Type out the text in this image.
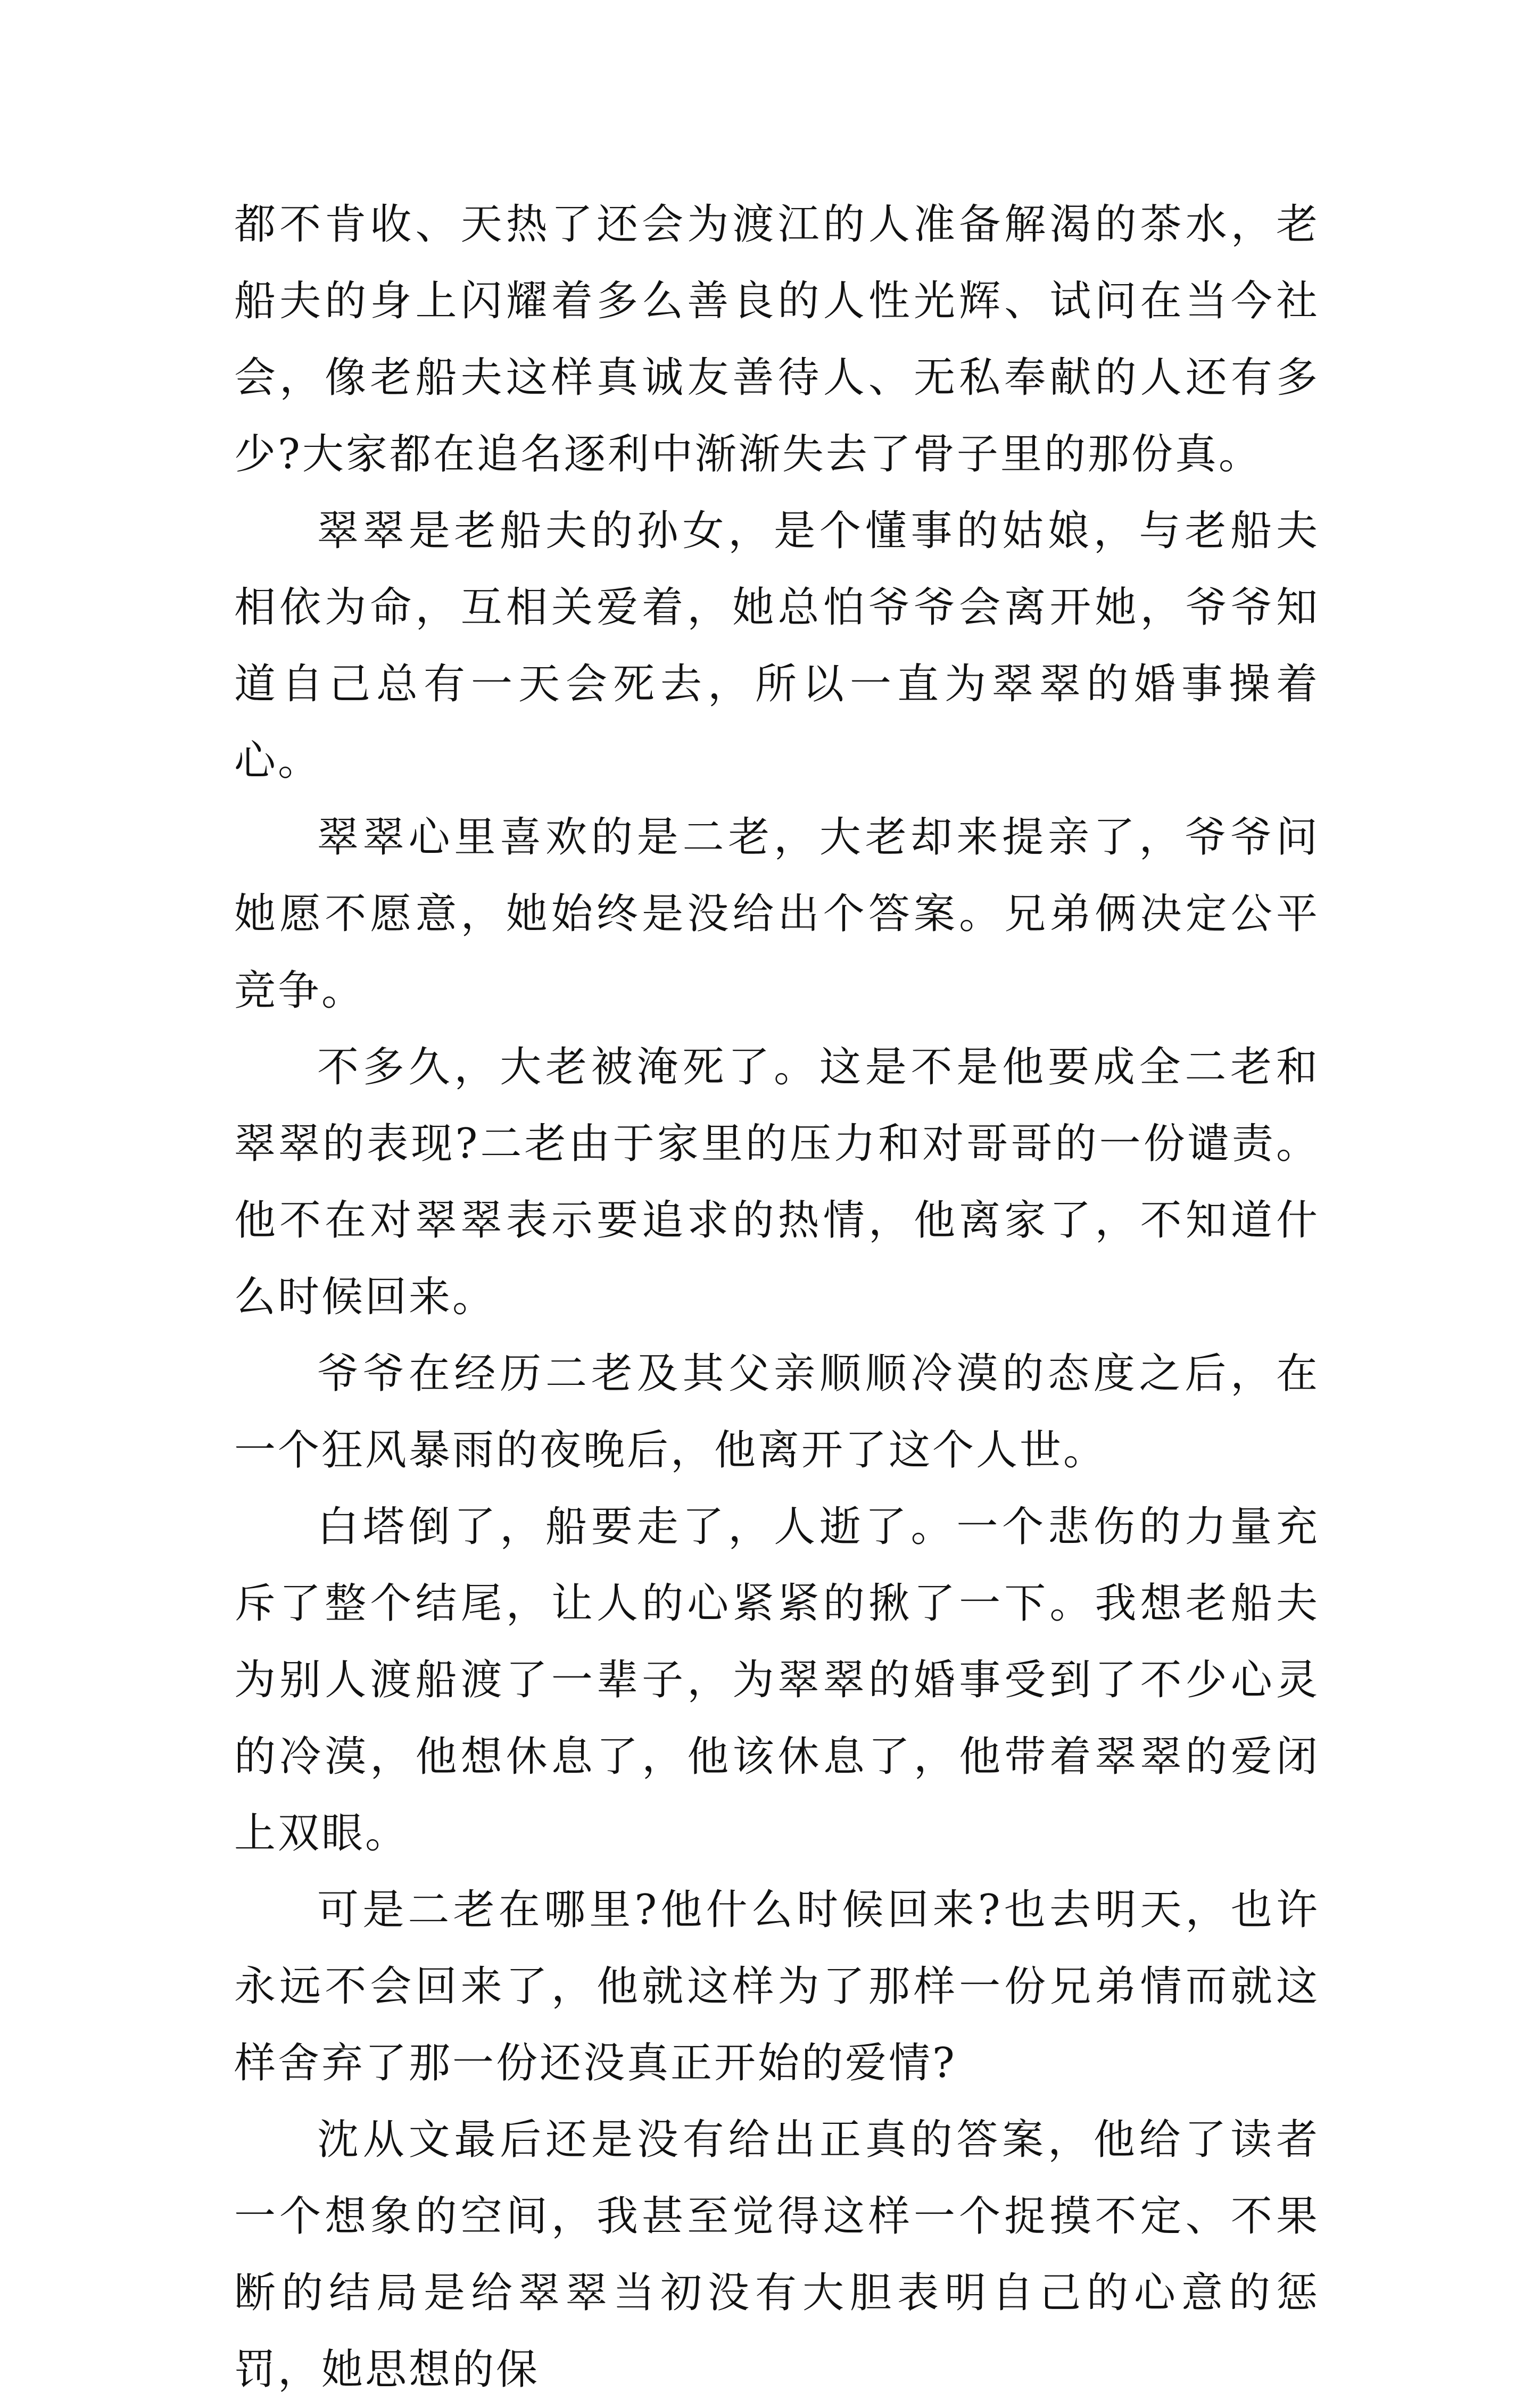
都不肯收、天热了还会为渡江的人准备解渴的茶水，老船夫的身上闪耀着多么善良的人性光辉、试问在当今社会，像老船夫这样真诚友善待人、无私奉献的人还有多少?大家都在追名逐利中渐渐失去了骨子里的那份真。

翠翠是老船夫的孙女，是个懂事的姑娘，与老船夫相依为命，互相关爱着，她总怕爷爷会离开她，爷爷知道自己总有一天会死去，所以一直为翠翠的婚事操着心。

翠翠心里喜欢的是二老，大老却来提亲了，爷爷问她愿不愿意，她始终是没给出个答案。兄弟俩决定公平竞争。

不多久，大老被淹死了。这是不是他要成全二老和翠翠的表现?二老由于家里的压力和对哥哥的一份谴责。他不在对翠翠表示要追求的热情，他离家了，不知道什么时候回来。

爷爷在经历二老及其父亲顺顺冷漠的态度之后，在一个狂风暴雨的夜晚后，他离开了这个人世。

白塔倒了，船要走了，人逝了。一个悲伤的力量充斥了整个结尾，让人的心紧紧的揪了一下。我想老船夫为别人渡船渡了一辈子，为翠翠的婚事受到了不少心灵的冷漠，他想休息了，他该休息了，他带着翠翠的爱闭上双眼。

可是二老在哪里?他什么时候回来?也去明天，也许永远不会回来了，他就这样为了那样一份兄弟情而就这样舍弃了那一份还没真正开始的爱情?

沈从文最后还是没有给出正真的答案，他给了读者一个想象的空间，我甚至觉得这样一个捉摸不定、不果断的结局是给翠翠当初没有大胆表明自己的心意的惩罚，她思想的保
